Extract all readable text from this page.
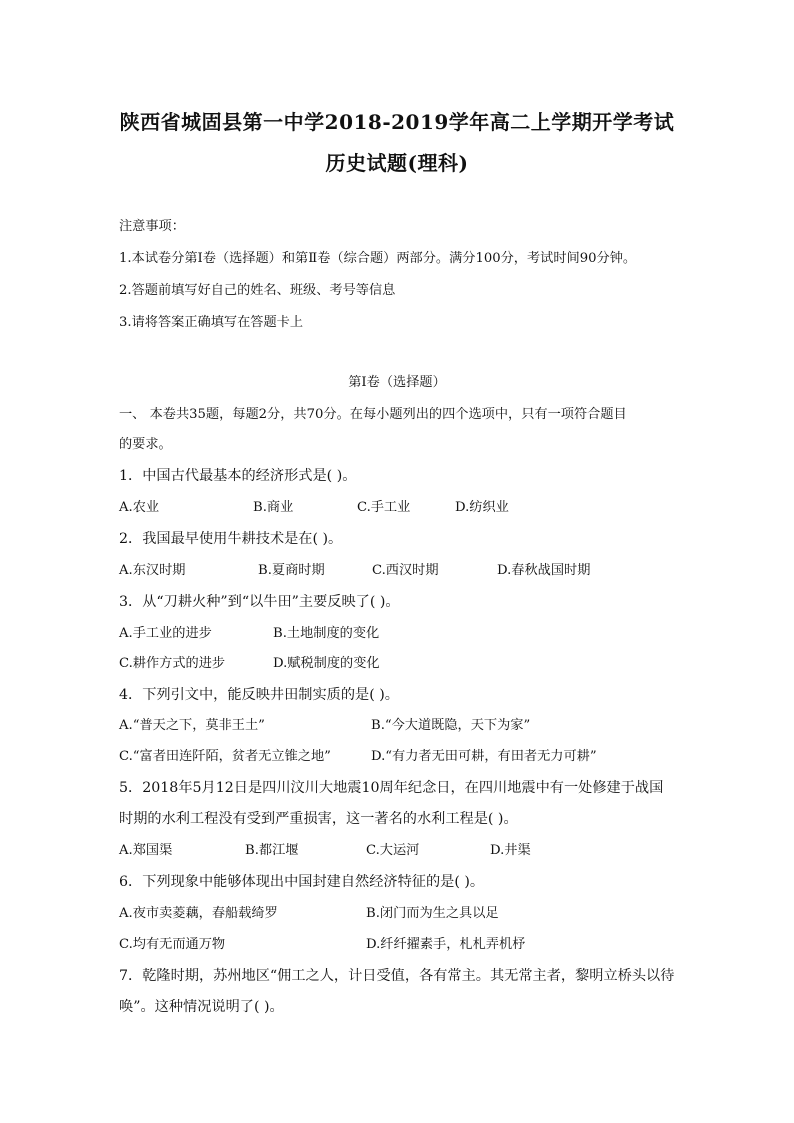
陕西省城固县第一中学2018-2019学年高二上学期开学考试
历史试题(理科)
注意事项：
1.本试卷分第Ⅰ卷（选择题）和第Ⅱ卷（综合题）两部分。满分100分，考试时间90分钟。
2.答题前填写好自己的姓名、班级、考号等信息
3.请将答案正确填写在答题卡上
第Ⅰ卷（选择题）
一、 本卷共35题，每题2分，共70分。在每小题列出的四个选项中，只有一项符合题目
的要求。
1．中国古代最基本的经济形式是( )。
A.农业	B.商业	C.手工业	D.纺织业
2．我国最早使用牛耕技术是在( )。
A.东汉时期	B.夏商时期	C.西汉时期	D.春秋战国时期
3．从“刀耕火种”到“以牛田”主要反映了( )。
A.手工业的进步	B.土地制度的变化
C.耕作方式的进步	D.赋税制度的变化
4．下列引文中，能反映井田制实质的是( )。
A.“普天之下，莫非王土”	B.“今大道既隐，天下为家”
C.“富者田连阡陌，贫者无立锥之地”	D.“有力者无田可耕，有田者无力可耕”
5．2018年5月12日是四川汶川大地震10周年纪念日，在四川地震中有一处修建于战国
时期的水利工程没有受到严重损害，这一著名的水利工程是( )。
A.郑国渠	B.都江堰	C.大运河	D.井渠
6．下列现象中能够体现出中国封建自然经济特征的是( )。
A.夜市卖菱藕，春船载绮罗	B.闭门而为生之具以足
C.均有无而通万物	D.纤纤擢素手，札札弄机杼
7．乾隆时期，苏州地区“佣工之人，计日受值，各有常主。其无常主者，黎明立桥头以待
唤”。这种情况说明了( )。
